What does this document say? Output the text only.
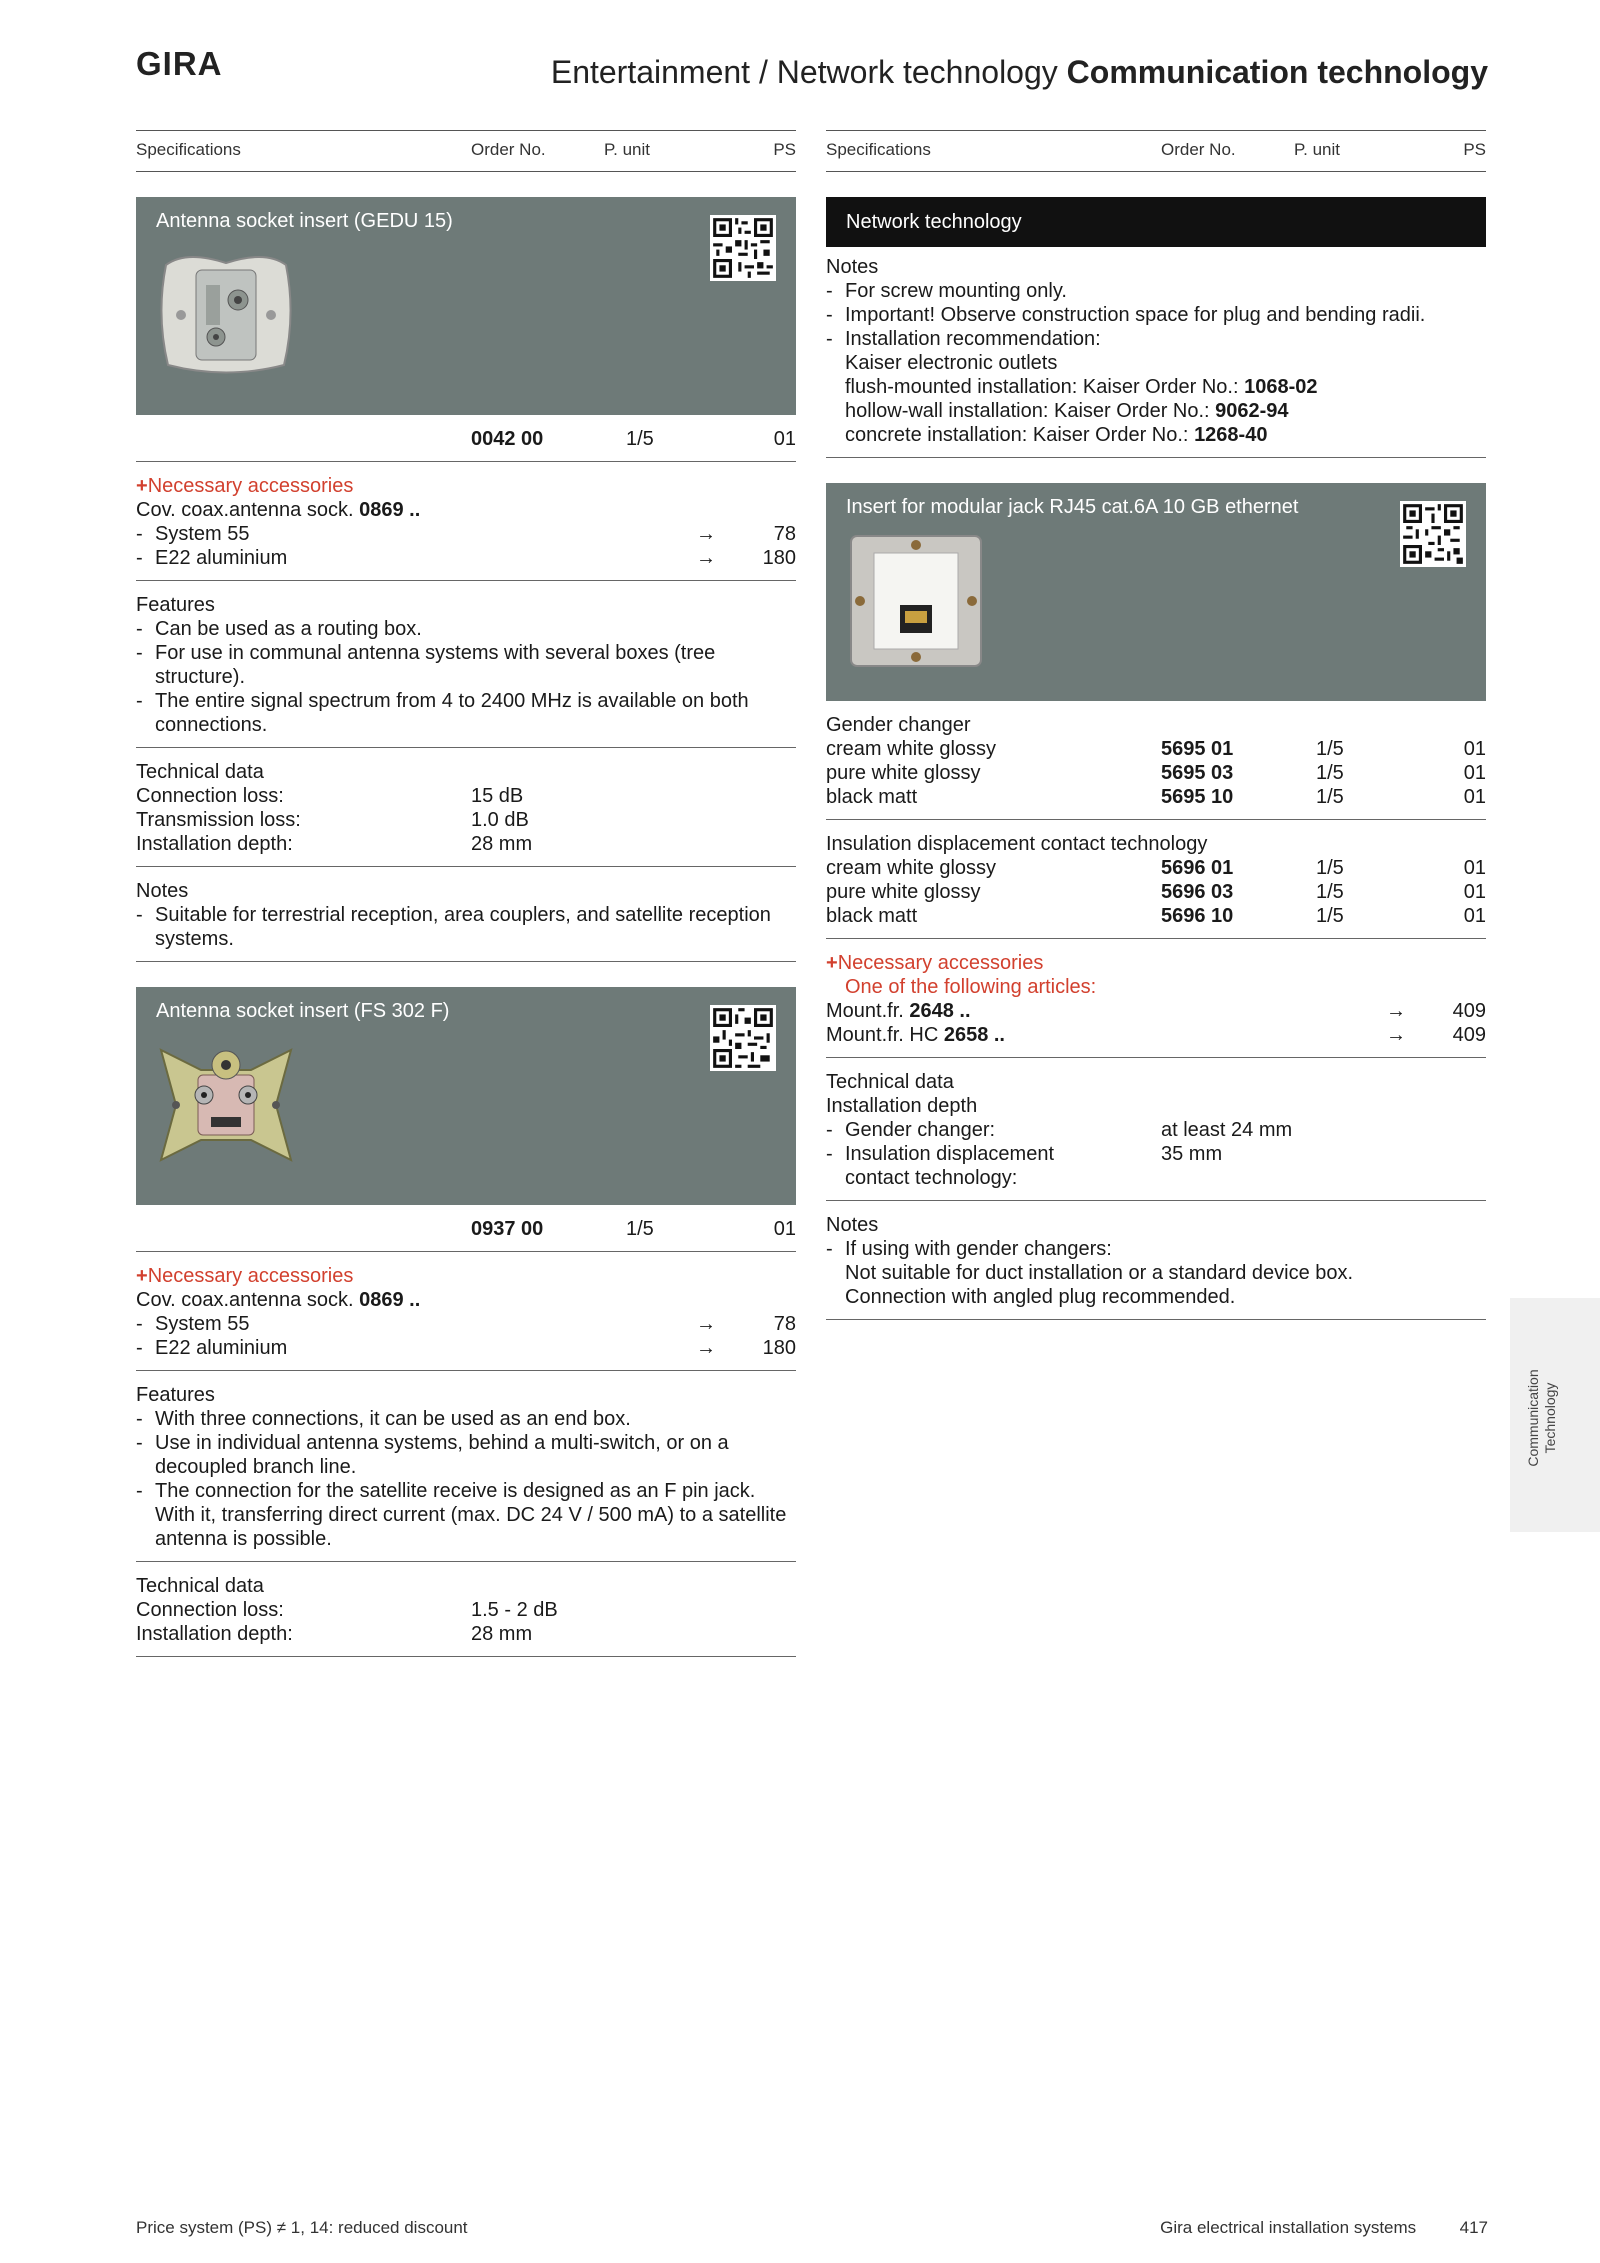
GIRA	Entertainment / Network technology Communication technology
Specifications	Order No.	P. unit	PS
Antenna socket insert (GEDU 15)
0042 00	1/5	01
+Necessary accessories
Cov. coax.antenna sock. 0869 ..
- System 55	→	78
- E22 aluminium	→ 180
Features
- Can be used as a routing box.
- For use in communal antenna systems with several boxes (tree structure).
- The entire signal spectrum from 4 to 2400 MHz is available on both connections.
Technical data
Connection loss:	15 dB
Transmission loss:	1.0 dB
Installation depth:	28 mm
Notes
- Suitable for terrestrial reception, area couplers, and satellite reception systems.
Antenna socket insert (FS 302 F)
0937 00	1/5	01
+Necessary accessories
Cov. coax.antenna sock. 0869 ..
- System 55	→	78
- E22 aluminium	→ 180
Features
- With three connections, it can be used as an end box.
- Use in individual antenna systems, behind a multi-switch, or on a decoupled branch line.
- The connection for the satellite receive is designed as an F pin jack. With it, transferring direct current (max. DC 24 V / 500 mA) to a satellite antenna is possible.
Technical data
Connection loss:	1.5 - 2 dB
Installation depth:	28 mm
Specifications	Order No.	P. unit	PS
Network technology
Notes
- For screw mounting only.
- Important! Observe construction space for plug and bending radii.
- Installation recommendation:
Kaiser electronic outlets
flush-mounted installation: Kaiser Order No.: 1068-02
hollow-wall installation: Kaiser Order No.: 9062-94
concrete installation: Kaiser Order No.: 1268-40
Insert for modular jack RJ45 cat.6A 10 GB ethernet
Gender changer
cream white glossy	5695 01	1/5	01
pure white glossy	5695 03	1/5	01
black matt	5695 10	1/5	01
Insulation displacement contact technology
cream white glossy	5696 01	1/5	01
pure white glossy	5696 03	1/5	01
black matt	5696 10	1/5	01
+Necessary accessories
One of the following articles:
Mount.fr. 2648 ..	→ 409
Mount.fr. HC 2658 ..	→ 409
Technical data
Installation depth
- Gender changer:	at least 24 mm
- Insulation displacement	35 mm
contact technology:
Notes
- If using with gender changers:
Not suitable for duct installation or a standard device box.
Connection with angled plug recommended.
Communication Technology
Price system (PS) ≠ 1, 14: reduced discount	Gira electrical installation systems	417
